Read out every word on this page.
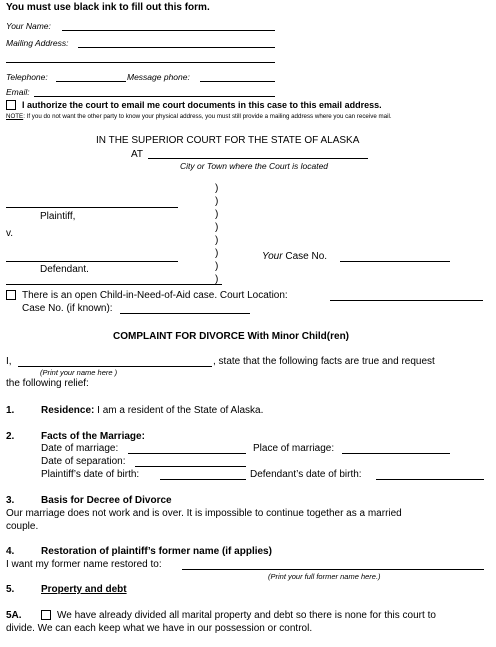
You must use black ink to fill out this form.
Your Name:
Mailing Address:
Telephone:	Message phone:
Email:
I authorize the court to email me court documents in this case to this email address.
NOTE: If you do not want the other party to know your physical address, you must still provide a mailing address where you can receive mail.
IN THE SUPERIOR COURT FOR THE STATE OF ALASKA
AT
City or Town where the Court is located
)
)
)
)
)
)
)
)
Plaintiff,
v.
Defendant.
Your Case No.
There is an open Child-in-Need-of-Aid case. Court Location:
Case No. (if known):
COMPLAINT FOR DIVORCE With Minor Child(ren)
I,	, state that the following facts are true and request
(Print your name here )
the following relief:
1.	Residence: I am a resident of the State of Alaska.
2.	Facts of the Marriage:
Date of marriage:	Place of marriage:
Date of separation:
Plaintiff’s date of birth:	Defendant’s date of birth:
3.	Basis for Decree of Divorce
Our marriage does not work and is over. It is impossible to continue together as a married
couple.
4.	Restoration of plaintiff’s former name (if applies)
I want my former name restored to:
(Print your full former name here.)
5.	Property and debt
5A.	We have already divided all marital property and debt so there is none for this court to
divide. We can each keep what we have in our possession or control.
